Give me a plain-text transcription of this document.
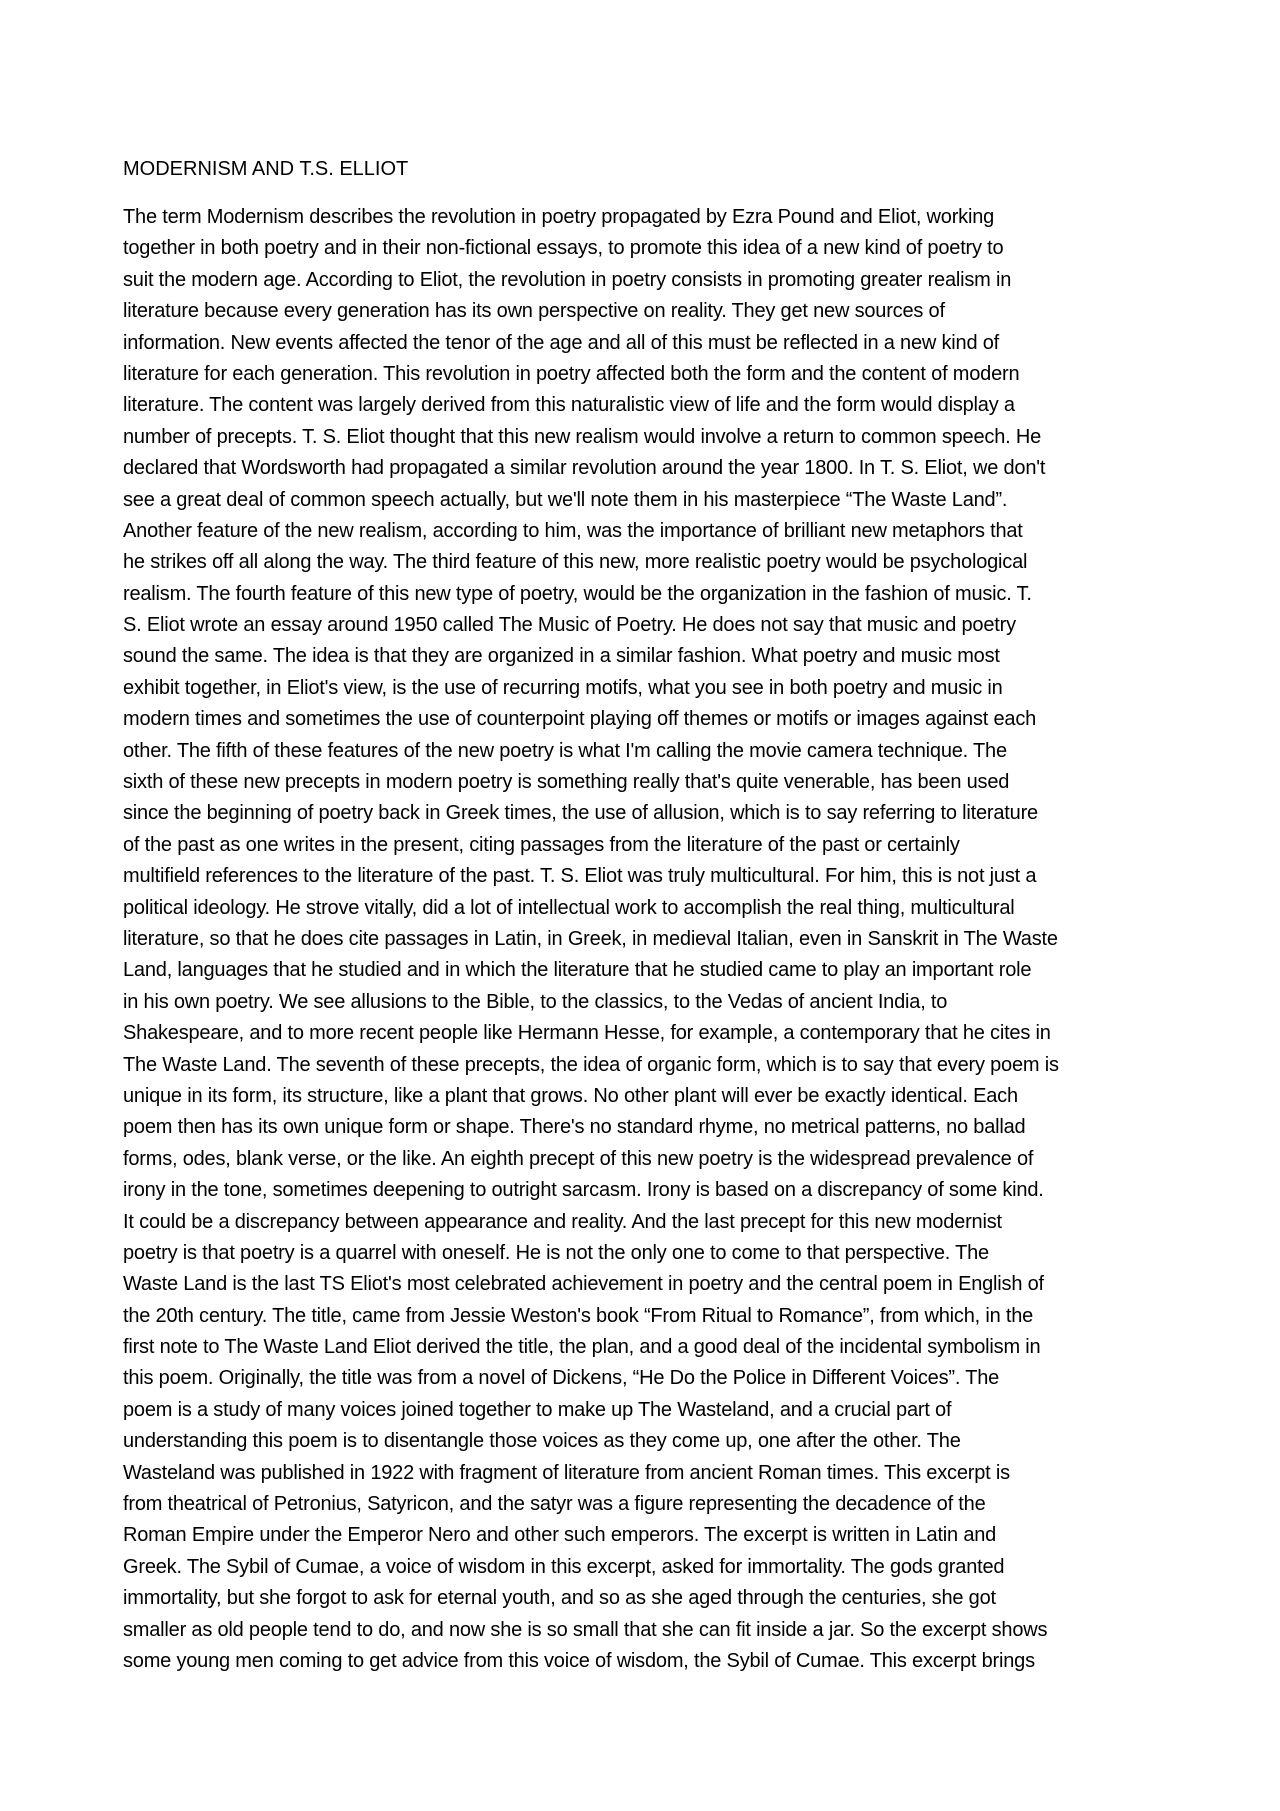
MODERNISM AND T.S. ELLIOT
The term Modernism describes the revolution in poetry propagated by Ezra Pound and Eliot, working
together in both poetry and in their non-fictional essays, to promote this idea of a new kind of poetry to
suit the modern age. According to Eliot, the revolution in poetry consists in promoting greater realism in
literature because every generation has its own perspective on reality. They get new sources of
information. New events affected the tenor of the age and all of this must be reflected in a new kind of
literature for each generation. This revolution in poetry affected both the form and the content of modern
literature. The content was largely derived from this naturalistic view of life and the form would display a
number of precepts. T. S. Eliot thought that this new realism would involve a return to common speech. He
declared that Wordsworth had propagated a similar revolution around the year 1800. In T. S. Eliot, we don't
see a great deal of common speech actually, but we'll note them in his masterpiece “The Waste Land”.
Another feature of the new realism, according to him, was the importance of brilliant new metaphors that
he strikes off all along the way. The third feature of this new, more realistic poetry would be psychological
realism. The fourth feature of this new type of poetry, would be the organization in the fashion of music. T.
S. Eliot wrote an essay around 1950 called The Music of Poetry. He does not say that music and poetry
sound the same. The idea is that they are organized in a similar fashion. What poetry and music most
exhibit together, in Eliot's view, is the use of recurring motifs, what you see in both poetry and music in
modern times and sometimes the use of counterpoint playing off themes or motifs or images against each
other. The fifth of these features of the new poetry is what I'm calling the movie camera technique. The
sixth of these new precepts in modern poetry is something really that's quite venerable, has been used
since the beginning of poetry back in Greek times, the use of allusion, which is to say referring to literature
of the past as one writes in the present, citing passages from the literature of the past or certainly
multifield references to the literature of the past. T. S. Eliot was truly multicultural. For him, this is not just a
political ideology. He strove vitally, did a lot of intellectual work to accomplish the real thing, multicultural
literature, so that he does cite passages in Latin, in Greek, in medieval Italian, even in Sanskrit in The Waste
Land, languages that he studied and in which the literature that he studied came to play an important role
in his own poetry. We see allusions to the Bible, to the classics, to the Vedas of ancient India, to
Shakespeare, and to more recent people like Hermann Hesse, for example, a contemporary that he cites in
The Waste Land. The seventh of these precepts, the idea of organic form, which is to say that every poem is
unique in its form, its structure, like a plant that grows. No other plant will ever be exactly identical. Each
poem then has its own unique form or shape. There's no standard rhyme, no metrical patterns, no ballad
forms, odes, blank verse, or the like. An eighth precept of this new poetry is the widespread prevalence of
irony in the tone, sometimes deepening to outright sarcasm. Irony is based on a discrepancy of some kind.
It could be a discrepancy between appearance and reality. And the last precept for this new modernist
poetry is that poetry is a quarrel with oneself. He is not the only one to come to that perspective. The
Waste Land is the last TS Eliot's most celebrated achievement in poetry and the central poem in English of
the 20th century. The title, came from Jessie Weston's book “From Ritual to Romance”, from which, in the
first note to The Waste Land Eliot derived the title, the plan, and a good deal of the incidental symbolism in
this poem. Originally, the title was from a novel of Dickens, “He Do the Police in Different Voices”. The
poem is a study of many voices joined together to make up The Wasteland, and a crucial part of
understanding this poem is to disentangle those voices as they come up, one after the other. The
Wasteland was published in 1922 with fragment of literature from ancient Roman times. This excerpt is
from theatrical of Petronius, Satyricon, and the satyr was a figure representing the decadence of the
Roman Empire under the Emperor Nero and other such emperors. The excerpt is written in Latin and
Greek. The Sybil of Cumae, a voice of wisdom in this excerpt, asked for immortality. The gods granted
immortality, but she forgot to ask for eternal youth, and so as she aged through the centuries, she got
smaller as old people tend to do, and now she is so small that she can fit inside a jar. So the excerpt shows
some young men coming to get advice from this voice of wisdom, the Sybil of Cumae. This excerpt brings
